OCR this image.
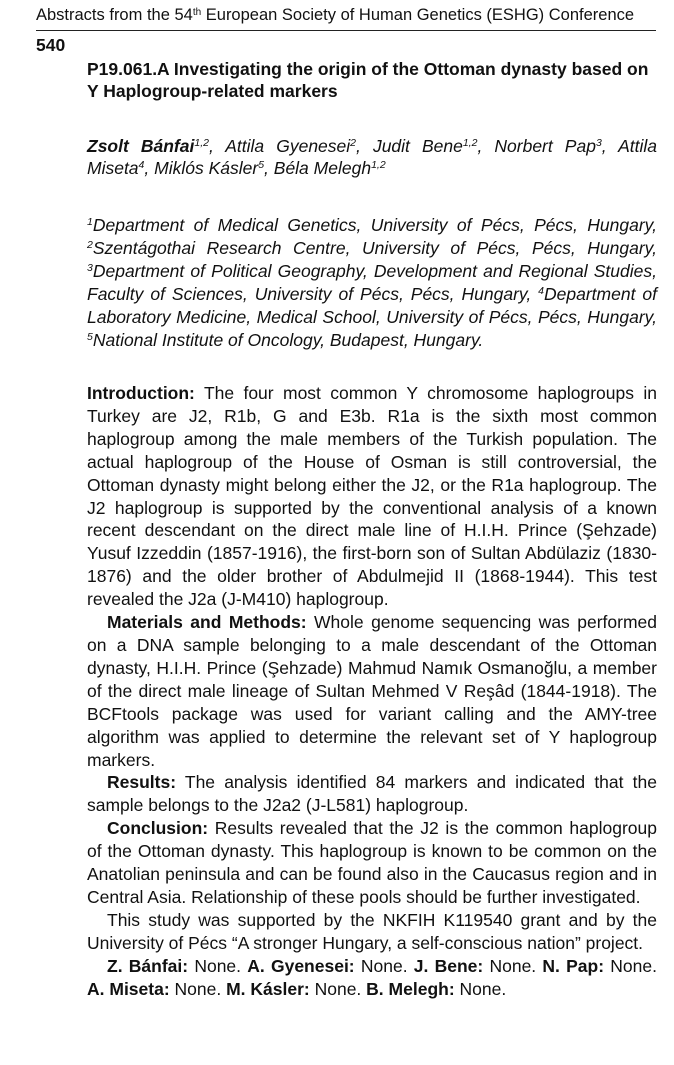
Abstracts from the 54th European Society of Human Genetics (ESHG) Conference
540
P19.061.A Investigating the origin of the Ottoman dynasty based on Y Haplogroup-related markers
Zsolt Bánfai$^{1,2}$, Attila Gyenesei$^2$, Judit Bene$^{1,2}$, Norbert Pap$^3$, Attila Miseta$^4$, Miklós Kásler$^5$, Béla Melegh$^{1,2}$
$^1$Department of Medical Genetics, University of Pécs, Pécs, Hungary, $^2$Szentágothai Research Centre, University of Pécs, Pécs, Hungary, $^3$Department of Political Geography, Development and Regional Studies, Faculty of Sciences, University of Pécs, Pécs, Hungary, $^4$Department of Laboratory Medicine, Medical School, University of Pécs, Pécs, Hungary, $^5$National Institute of Oncology, Budapest, Hungary.

Introduction: The four most common Y chromosome haplogroups in Turkey are J2, R1b, G and E3b. R1a is the sixth most common haplogroup among the male members of the Turkish population. The actual haplogroup of the House of Osman is still controversial, the Ottoman dynasty might belong either the J2, or the R1a haplogroup. The J2 haplogroup is supported by the conventional analysis of a known recent descendant on the direct male line of H.I.H. Prince (Şehzade) Yusuf Izzeddin (1857-1916), the first-born son of Sultan Abdülaziz (1830-1876) and the older brother of Abdulmejid II (1868-1944). This test revealed the J2a (J-M410) haplogroup.

Materials and Methods: Whole genome sequencing was performed on a DNA sample belonging to a male descendant of the Ottoman dynasty, H.I.H. Prince (Şehzade) Mahmud Namık Osmanoğlu, a member of the direct male lineage of Sultan Mehmed V Reşâd (1844-1918). The BCFtools package was used for variant calling and the AMY-tree algorithm was applied to determine the relevant set of Y haplogroup markers.

Results: The analysis identified 84 markers and indicated that the sample belongs to the J2a2 (J-L581) haplogroup.

Conclusion: Results revealed that the J2 is the common haplogroup of the Ottoman dynasty. This haplogroup is known to be common on the Anatolian peninsula and can be found also in the Caucasus region and in Central Asia. Relationship of these pools should be further investigated.

This study was supported by the NKFIH K119540 grant and by the University of Pécs “A stronger Hungary, a self-conscious nation” project.

Z. Bánfai: None. A. Gyenesei: None. J. Bene: None. N. Pap: None. A. Miseta: None. M. Kásler: None. B. Melegh: None.
